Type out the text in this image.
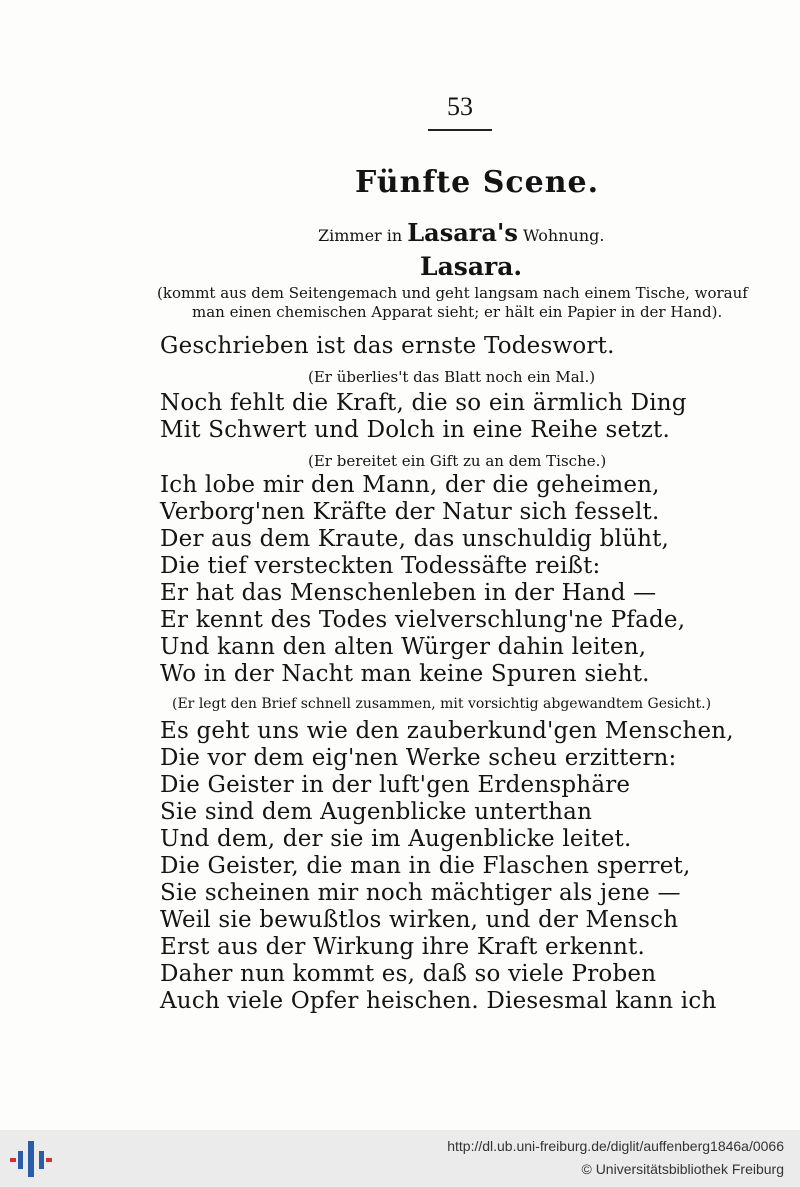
53
Fünfte Scene.
Zimmer in Lasara's Wohnung.
Lasara.
(kommt aus dem Seitengemach und geht langsam nach einem Tische, worauf
man einen chemischen Apparat sieht; er hält ein Papier in der Hand).
Geschrieben ist das ernste Todeswort.
(Er überlies't das Blatt noch ein Mal.)
Noch fehlt die Kraft, die so ein ärmlich Ding
Mit Schwert und Dolch in eine Reihe setzt.
(Er bereitet ein Gift zu an dem Tische.)
Ich lobe mir den Mann, der die geheimen,
Verborg'nen Kräfte der Natur sich fesselt.
Der aus dem Kraute, das unschuldig blüht,
Die tief versteckten Todessäfte reißt:
Er hat das Menschenleben in der Hand —
Er kennt des Todes vielverschlung'ne Pfade,
Und kann den alten Würger dahin leiten,
Wo in der Nacht man keine Spuren sieht.
(Er legt den Brief schnell zusammen, mit vorsichtig abgewandtem Gesicht.)
Es geht uns wie den zauberkund'gen Menschen,
Die vor dem eig'nen Werke scheu erzittern:
Die Geister in der luft'gen Erdensphäre
Sie sind dem Augenblicke unterthan
Und dem, der sie im Augenblicke leitet.
Die Geister, die man in die Flaschen sperret,
Sie scheinen mir noch mächtiger als jene —
Weil sie bewußtlos wirken, und der Mensch
Erst aus der Wirkung ihre Kraft erkennt.
Daher nun kommt es, daß so viele Proben
Auch viele Opfer heischen. Diesesmal kann ich
http://dl.ub.uni-freiburg.de/diglit/auffenberg1846a/0066
© Universitätsbibliothek Freiburg
